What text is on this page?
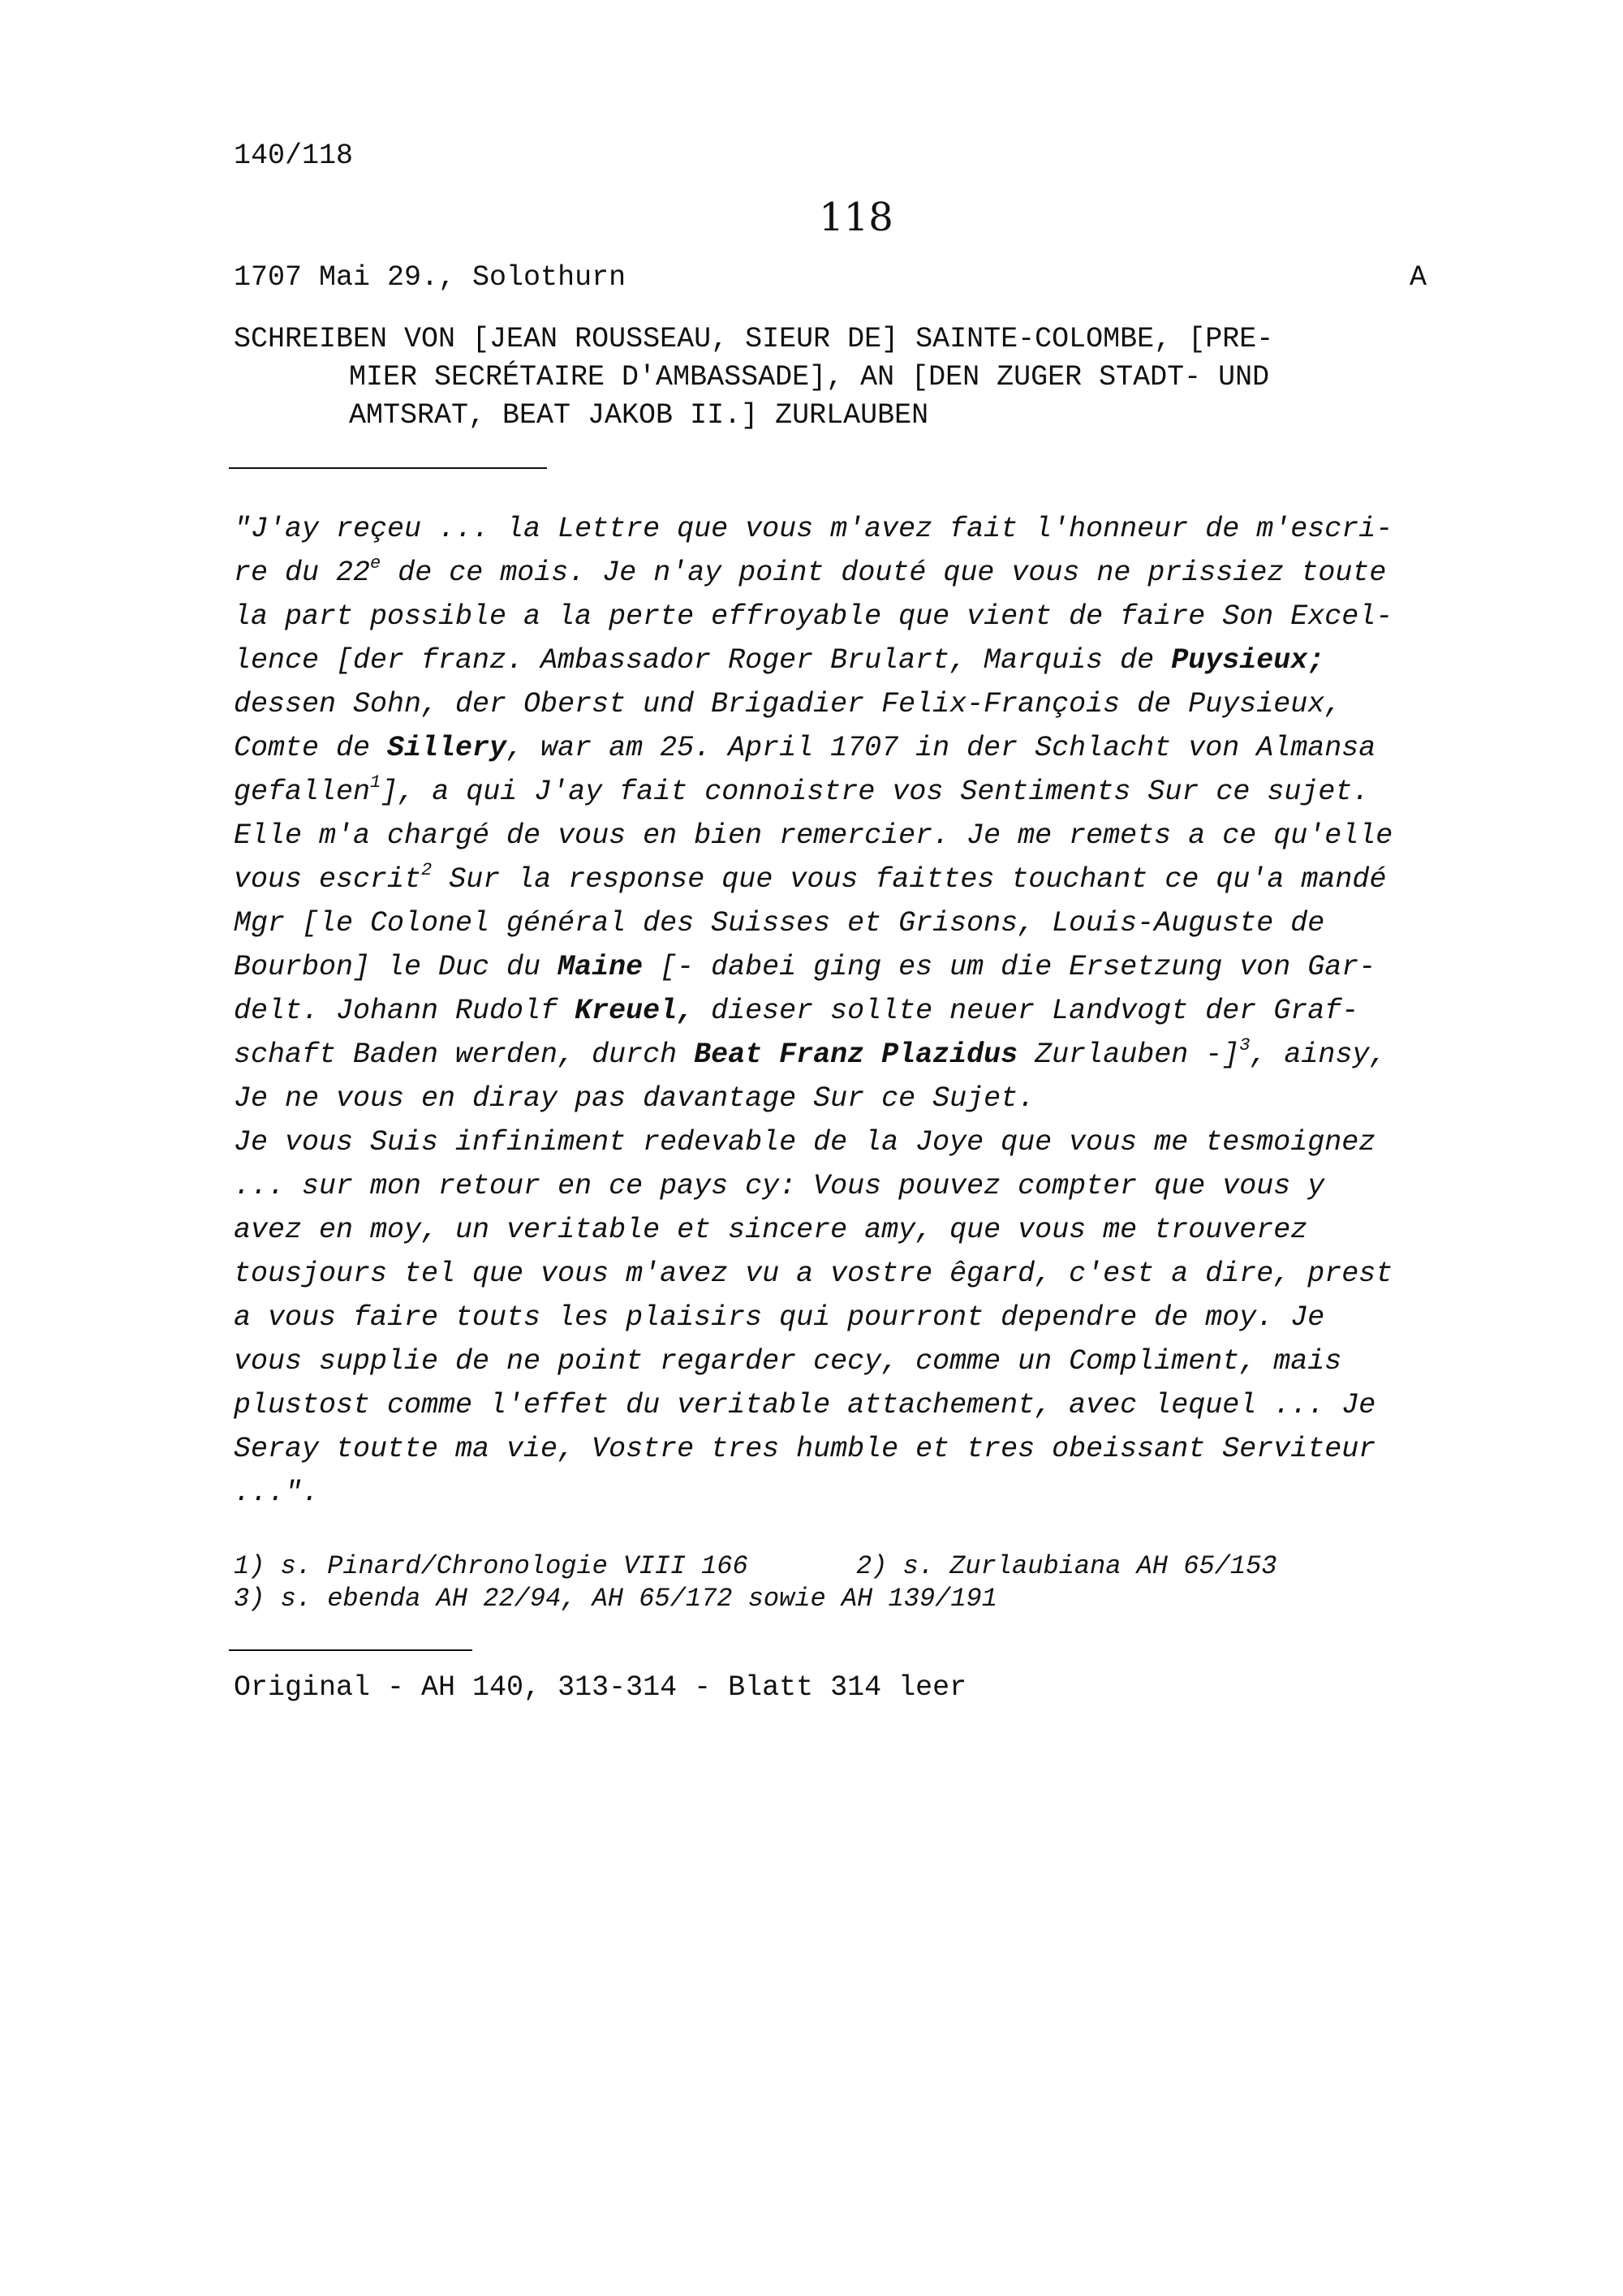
140/118
118
1707 Mai 29., Solothurn	A
SCHREIBEN VON [JEAN ROUSSEAU, SIEUR DE] SAINTE-COLOMBE, [PRE-
MIER SECRÉTAIRE D'AMBASSADE], AN [DEN ZUGER STADT- UND
AMTSRAT, BEAT JAKOB II.] ZURLAUBEN
"J'ay reçeu ... la Lettre que vous m'avez fait l'honneur de m'escri-
re du 22e de ce mois. Je n'ay point douté que vous ne prissiez toute
la part possible a la perte effroyable que vient de faire Son Excel-
lence [der franz. Ambassador Roger Brulart, Marquis de Puysieux;
dessen Sohn, der Oberst und Brigadier Felix-François de Puysieux,
Comte de Sillery, war am 25. April 1707 in der Schlacht von Almansa
gefallen$^1$], a qui J'ay fait connoistre vos Sentiments Sur ce sujet.
Elle m'a chargé de vous en bien remercier. Je me remets a ce qu'elle
vous escrit$^2$ Sur la response que vous faittes touchant ce qu'a mandé
Mgr [le Colonel général des Suisses et Grisons, Louis-Auguste de
Bourbon] le Duc du Maine [- dabei ging es um die Ersetzung von Gar-
delt. Johann Rudolf Kreuel, dieser sollte neuer Landvogt der Graf-
schaft Baden werden, durch Beat Franz Plazidus Zurlauben -]$^3$, ainsy,
Je ne vous en diray pas davantage Sur ce Sujet.
Je vous Suis infiniment redevable de la Joye que vous me tesmoignez
... sur mon retour en ce pays cy: Vous pouvez compter que vous y
avez en moy, un veritable et sincere amy, que vous me trouverez
tousjours tel que vous m'avez vu a vostre êgard, c'est a dire, prest
a vous faire touts les plaisirs qui pourront dependre de moy. Je
vous supplie de ne point regarder cecy, comme un Compliment, mais
plustost comme l'effet du veritable attachement, avec lequel ... Je
Seray toutte ma vie, Vostre tres humble et tres obeissant Serviteur
...".
1) s. Pinard/Chronologie VIII 166	2) s. Zurlaubiana AH 65/153
3) s. ebenda AH 22/94, AH 65/172 sowie AH 139/191
Original - AH 140, 313-314 - Blatt 314 leer
